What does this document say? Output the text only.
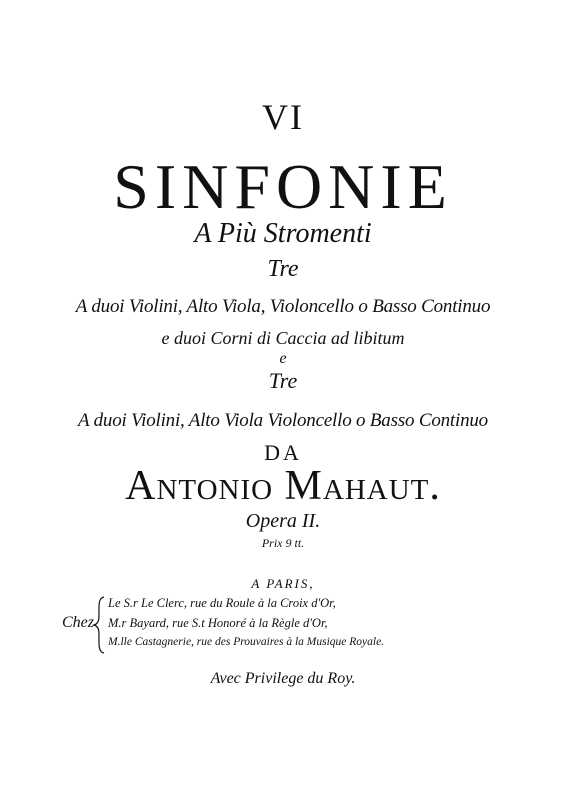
VI
SINFONIE
A Più Stromenti
Tre
A duoi Violini, Alto Viola, Violoncello o Basso Continuo
e duoi Corni di Caccia ad libitum
e
Tre
A duoi Violini, Alto Viola Violoncello o Basso Continuo
DA
Antonio Mahaut.
Opera II.
Prix 9 tt.
A PARIS,
Chez
Le S.r Le Clerc, rue du Roule à la Croix d'Or,
M.r Bayard, rue S.t Honoré à la Règle d'Or,
M.lle Castagnerie, rue des Prouvaires à la Musique Royale.
Avec Privilege du Roy.
